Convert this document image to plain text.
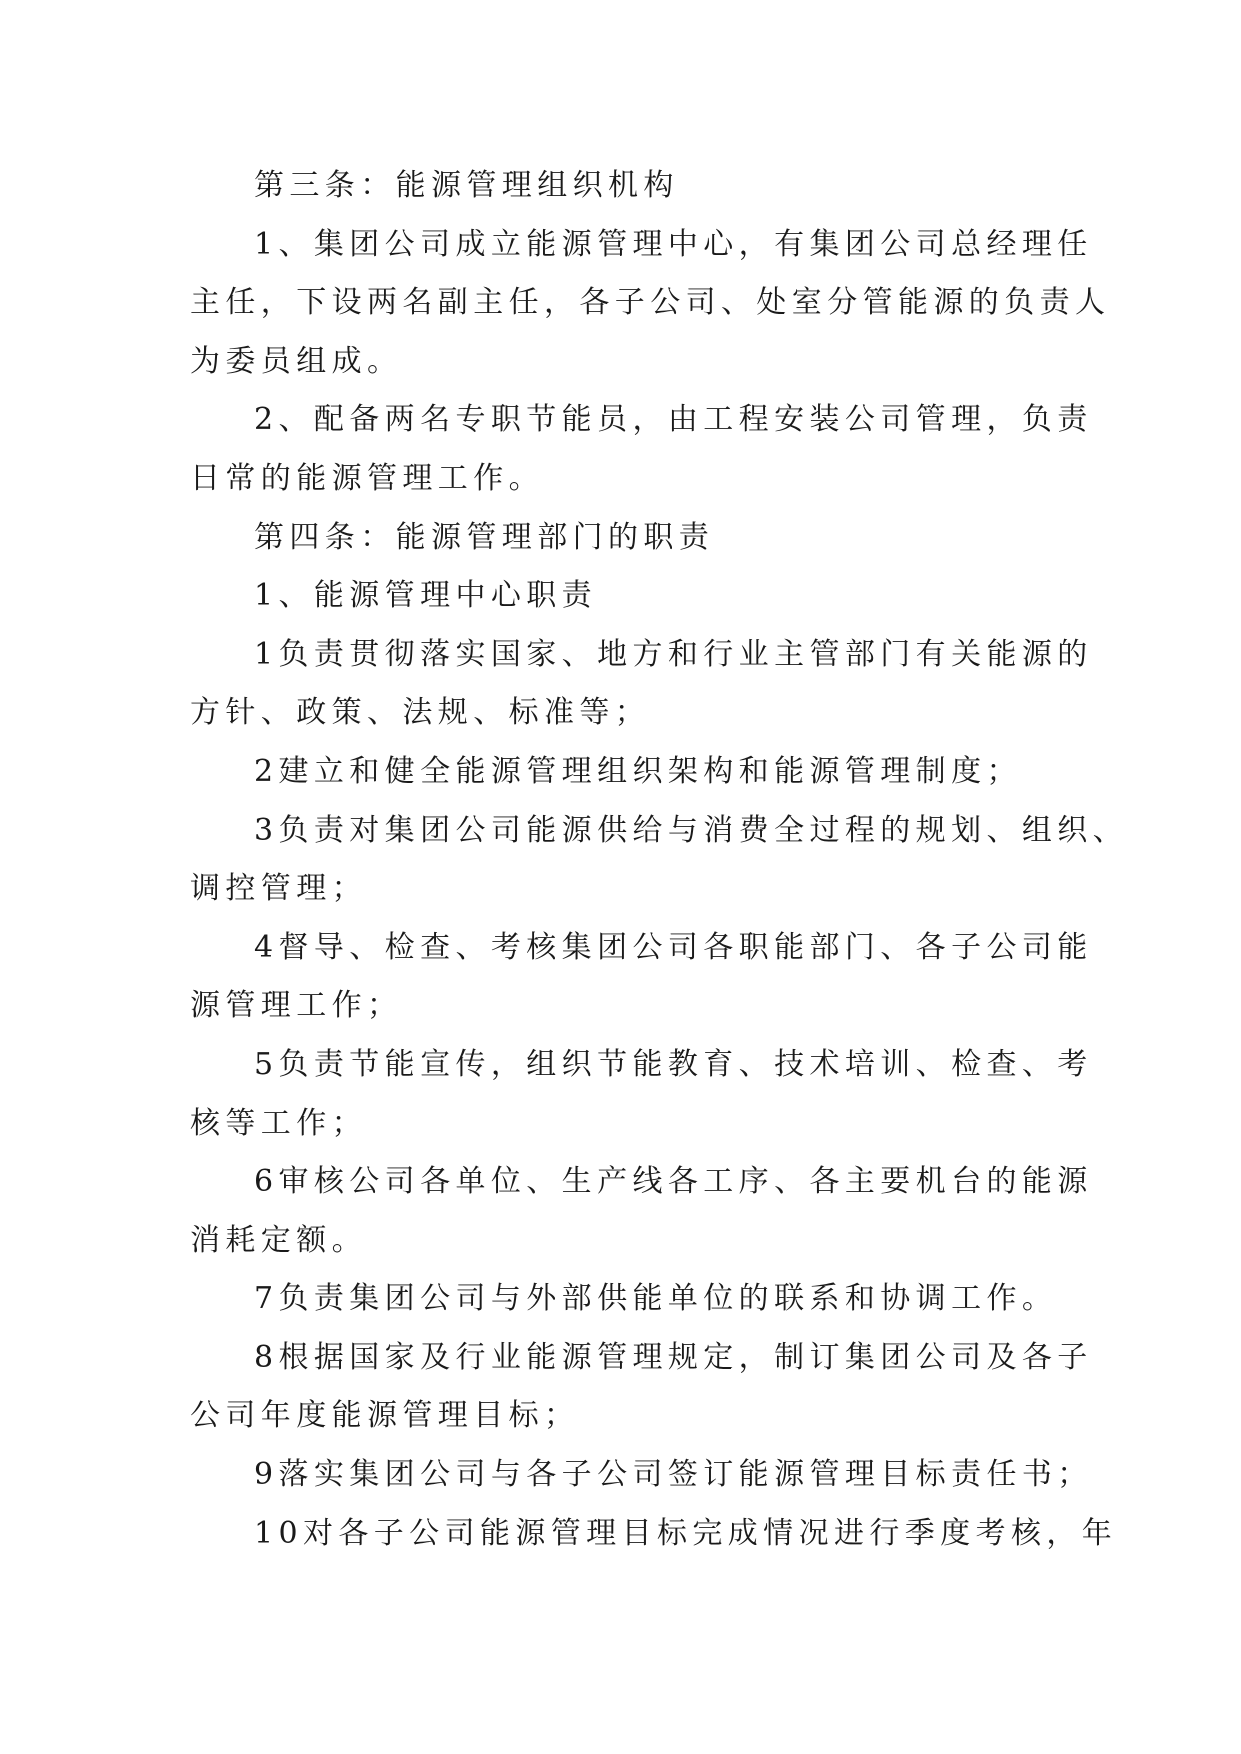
第三条：能源管理组织机构
1、集团公司成立能源管理中心，有集团公司总经理任
主任，下设两名副主任，各子公司、处室分管能源的负责人
为委员组成。
2、配备两名专职节能员，由工程安装公司管理，负责
日常的能源管理工作。
第四条：能源管理部门的职责
1、能源管理中心职责
1负责贯彻落实国家、地方和行业主管部门有关能源的
方针、政策、法规、标准等；
2建立和健全能源管理组织架构和能源管理制度；
3负责对集团公司能源供给与消费全过程的规划、组织、
调控管理；
4督导、检查、考核集团公司各职能部门、各子公司能
源管理工作；
5负责节能宣传，组织节能教育、技术培训、检查、考
核等工作；
6审核公司各单位、生产线各工序、各主要机台的能源
消耗定额。
7负责集团公司与外部供能单位的联系和协调工作。
8根据国家及行业能源管理规定，制订集团公司及各子
公司年度能源管理目标；
9落实集团公司与各子公司签订能源管理目标责任书；
10对各子公司能源管理目标完成情况进行季度考核，年
